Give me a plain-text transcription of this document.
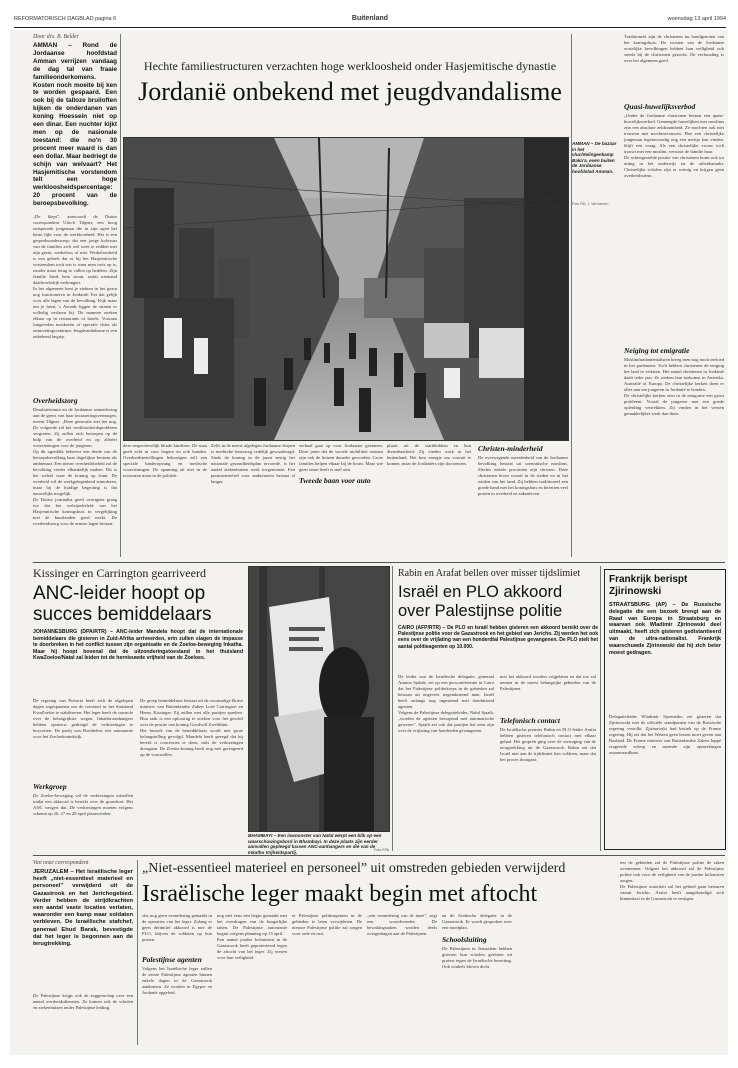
REFORMATORISCH DAGBLAD pagina 6	Buitenland	woensdag 13 april 1994
Door drs. B. Belder
AMMAN – Rond de Jordaanse hoofdstad Amman verrijzen vandaag de dag tal van fraaie familieonderkomens. Kosten noch moeite bij ken te worden gespaard. Een ook bij de talloze bruiloften kijken de onderdanen van koning Hoessein niet op een dinar. Een nuchter kijkt men op de nasionale toestand: die no'n 30 procent meer waard is dan een dollar. Maar bedriegt de schijn van welvaart? Het Hasjemitische vorstendom telt een hoge werkloosheidspercentage: 20 procent van de beroepsbevolking.
„De klept”, antwoordt de Duitse correspondent Ulrich Tilgner, een hoog ontspoorde jongeman die in zijn ogen het beste lijkt voor de werkloosheid. Het is een gespreksonderwerp: dat een jonge kolossus van de families zich wel weet te redden met zijn gezin, werkeloos of niet. Werkeloosheid is een gebrek dat er bij het Hasjemitische vorstendom toch iets is waar men trots op is, zonder maar terug te vallen op bedelen. Zijn familie biedt hem steun, zodat niemand daadwerkelijk verhongert.
In het algemeen kent je ziekten in het gezin nog functioneren in Jordanië. Eet dat gelijk voor alle lagen van de bevolking. Kijk maar om je heen, 's Avonds liggen de straten er volledig verlaten bij. De mannen zoeken elkaar op in restaurants of hotels. Vooraan fungeerden moskeeën of speciale clubs als ontmoetingscentrum. Jeugdvandalisme is een onbekend begrip.
Overheidszorg
Desalniettemin zit de Jordaanse samenleving aan de grens van haar incasseringsvermogen, meent Tilgner. „Deze generatie ziet het nog. De volgende zal het werkloosheidsprobleem vergroten. Zij zullen zich beroepen op de hulp van de overheid en op allerlei voorzieningen voor de jongeren.
Op dit ogenblik beheerst een derde van de beroepsbevolking haar dagelijkse bestaan als ambtenaar. Een nieuw overheidsbeleid zal de bevolking verder afhankelijk maken. Dit is het stelsel waar de koning op leunt. De overheid wil de werkgelegenheid stimuleren, maar bij de huidige begroting is dat nauwelijks mogelijk.
De Duitse journalist geeft overigens graag toe dat het welzijnsbeleid van het Hasjemitische koningshuis in vergelijking met de buurlanden goed werkt. De overheidszorg voor de armste lagen bestaat.
Hechte familiestructuren verzachten hoge werkloosheid onder Hasjemitische dynastie
Jordanië onbekend met jeugdvandalisme
AMMAN – De bazaar in het vluchtelingenkamp Baka'a, even buiten de Jordaanse hoofdstad Amman.
Foto RD, J. Verhoeven
deze respectievelijk blinde kinderen. De staat geeft echt in voor hogere en ook bonden. Overheidsinstellingen bekostigen zelf een speciale kinderopvang en medische voorzieningen. De spanning zit niet in de economie maar in de politiek.
Zelfs in de meest afgelegen Jordaanse dorpen is medische basiszorg redelijk gewaarborgd. Sinds de koning in de jaren zestig het nationale gezondheidsplan invoerde, is het aantal ziekenhuizen sterk toegenomen. Een pensioenstelsel voor ambtenaren bestaat al langer.
verhaal gaat op voor Jordaanse gezinnen. Deze jaren dat de sociale mobiliteit toenam zijn ook de huizen duurder geworden. Grote families helpen elkaar bij de bouw. Maar wie geen steun heeft is snel arm.
Tweede baan voor auto
plaats uit de startblokken en hun dienstbaarheid. Zij vinden werk in het buitenland. Het kost energie om vooruit te komen, maar de Jordaniërs zijn doorzetters.
Christen-minderheid
De overwegende meerderheid van de Jordaanse bevolking bestaat uit soennitische moslims. Slechts enkele procenten zijn christen. Deze christenen leven vooral in de steden en in het zuiden van het land. Zij hebben traditioneel een goede band met het koningshuis en bezetten veel posten in overheid en zakenleven.
Traditioneel zijn de christenen nu bondgenoten van het koningshuis. De vorsten van de Jordaanse oostelijke bevolkingen hebben hun veiligheid ook steeds bij de christenen gezocht. De verhouding is over het algemeen goed.
Quasi-huwelijksverbod
„Onder de Jordaanse christenen bestaat een quasi-huwelijksverbod. Gemengde huwelijken met moslims zijn een absolute zeldzaamheid. Ze mochten ook niet trouwen met moslimvrouwen. Hoe een christelijke jongeman tegenwoordig nog een meisje kan vinden, blijft een vraag. Als een christelijke vrouw toch trouwt met een moslim, verstoot de familie haar.
De achtergestelde positie van christenen komt ook tot uiting in het onderwijs en de arbeidsmarkt. Christelijke scholen zijn er weinig en krijgen geen overheidssteun.
Neiging tot emigratie
Moslimfundamentalisten kreeg men nog nooit invloed in het parlement. Toch hebben christenen de neiging het land te verlaten. Het aantal christenen in Jordanië daalt ieder jaar. Ze zoeken hun toekomst in Amerika, Australië of Europa. De christelijke kerken doen er alles aan om jongeren in Jordanië te houden.
De christelijke kerken zien in de emigratie een groot probleem. Vooral de jongeren met een goede opleiding vertrekken. Zij vinden in het westen gemakkelijker werk dan thuis.
Kissinger en Carrington gearriveerd
ANC-leider hoopt op
succes bemiddelaars
JOHANNESBURG (DPA/RTR) – ANC-leider Mandela hoopt dat de internationale bemiddelaars die gisteren in Zuid-Afrika arriveerden, erin zullen slagen de impasse te doorbreken in het conflict tussen zijn organisatie en de Zoeloe-beweging Inkatha. Maar hij hoopt bovenal dat de uitzonderingstoestand in het thuisland KwaZoeloe/Natal zal leiden tot de hernieuwde vrijheid van de Zoeloes.
De regering van Pretoria heeft zich de afgelopen dagen ingespannen om de toestand in het thuisland KwaZoeloe te stabiliseren. Het leger heeft de controle over de belangrijkste wegen. Inkatha-aanhangers hebben opnieuw gedreigd de verkiezingen te boycotten. De partij van Boethelezi eist autonomie voor het Zoeloekoninkrijk.
Werkgroep
De Zoeloe-beweging wil de verkiezingen uitstellen totdat een akkoord is bereikt over de grondwet. Het ANC weigert dat. De verkiezingen moeten volgens schema op 26, 27 en 28 april plaatsvinden.
De groep bemiddelaars bestaat uit de voormalige Britse minister van Buitenlandse Zaken Lord Carrington en Henry Kissinger. Zij zullen met alle partijen spreken. Hun taak is een oplossing te zoeken voor het geschil over de positie van koning Goodwill Zwelithini.
Het bezoek van de bemiddelaars wordt met grote belangstelling gevolgd. Mandela heeft gezegd dat hij bereid is concessies te doen, mits de verkiezingen doorgaan. De Zoeloe-koning heeft nog niet gereageerd op de voorstellen.
BHAMBAYI – Een inwoonster van Natal werpt een blik op een waarschuwingsbord in Bhambayi. In deze plaats zijn eerder aanvallen gepleegd tussen ANC-aanhangers en die van de Inkatha Vrijheidspartij.	Foto EPA
Rabin en Arafat bellen over misser tijdslimiet
Israël en PLO akkoord
over Palestijnse politie
CAIRO (AFP/RTR) – De PLO en Israël hebben gisteren een akkoord bereikt over de Palestijnse politie voor de Gazastrook en het gebied van Jericho. Zij werden het ook eens over de vrijlating van een honderdtal Palestijnse gevangenen. De PLO stelt het aantal politieagenten op 10.000.
De leider van de Israëlische delegatie, generaal Amnon Sjahak, zei op een persconferentie in Cairo dat het Palestijnse politiekorps in de gebieden zal bestaan uit ongeveer negenduizend man. Israël heeft onlangs nog ingestemd met tienduizend agenten.
Volgens de Palestijnse delegatieleider, Nabil Sjaath, „worden de agenten bewapend met automatische geweren”. Sjaath zei ook dat partijen het eens zijn over de vrijlating van honderden gevangenen.
met het akkoord worden vrijgelaten en dat toe zal nemen in de meest belangrijke gebieden van de Palestijnen.
Telefonisch contact
De Israëlische premier Rabin en PLO-leider Arafat hebben gisteren telefonisch contact met elkaar gehad. Het gesprek ging over de vertraging van de terugtrekking uit de Gazastrook. Rabin zei dat Israël niet aan de tijdslimiet kan voldoen, maar dat het proces doorgaat.
Frankrijk berispt Zjirinowski
STRAATSBURG (AP) – De Russische delegatie die een bezoek brengt aan de Raad van Europa in Straatsburg en waarvan ook Wladimir Zjirinowski deel uitmaakt, heeft zich gisteren gedistantieerd van de ultra-nationalist. Frankrijk waarschuwde Zjirinowski dat hij zich beter moest gedragen.
Delegatieleider Wladimir Sjoemeiko zei gisteren dat Zjirinowski niet de officiële standpunten van de Russische regering vertolkt. Zjirinowski had kritiek op de Franse regering. Hij zei dat het Westen geen lessen moet geven aan Rusland. De Franse minister van Buitenlandse Zaken Juppé reageerde scherp en noemde zijn opmerkingen onaanvaardbaar.
Van onze correspondent
JERUZALEM – Het Israëlische leger heeft „niet-essentieel materieel en personeel” verwijderd uit de Gazastrook en het Jerichogebied. Verder hebben de strijdkrachten een aantal vaste locaties verlaten, waaronder een kamp waar soldaten verbleven. De Israëlische stafchef, generaal Ehud Barak, bevestigde dat het leger is begonnen aan de terugtrekking.
De Palestijnse krijgs ook de zeggenschap over een aantal overheidsdiensten. Zo komen ook de scholen en ziekenhuizen onder Palestijnse leiding.
„Niet-essentieel materieel en personeel” uit omstreden gebieden verwijderd
Israëlische leger maakt begin met aftocht
slot nog geen verandering gemaakt in de operaties van het leger. Zolang er geen definitief akkoord is met de PLO, blijven de soldaten op hun posten.
Palestijnse agenten
Volgens het Israëlische leger zullen de eerste Palestijnse agenten binnen enkele dagen in de Gazastrook aankomen. Ze worden in Egypte en Jordanië opgeleid.
nog niet eens een begin gemaakt met het overdragen van de burgerlijke taken. De Palestijnse autonomie begint volgens planning op 13 april.
Een aantal joodse kolonisten in de Gazastrook heeft geprotesteerd tegen de aftocht van het leger. Zij vrezen voor hun veiligheid.
er Palestijnse politieagenten in de gebieden te laten verwijderen. De nieuwe Palestijnse politie zal zorgen voor orde en rust.
„een verandering van de inzet”, zegt een woordvoerder. De bewakingstaken worden deels overgedragen aan de Palestijnen.
en de Arabische delegatie in de Gazastrook. Er wordt gesproken over een noodplan.
Schoolsluiting
De Palestijnen in Jeruzalem hebben gisteren hun scholen gesloten uit protest tegen de Israëlische bezetting. Ook winkels bleven dicht.
ten de gebieden zal de Palestijnse politie de taken overnemen. Volgens het akkoord zal de Palestijnse politie ook voor de veiligheid van de joodse kolonisten zorgen.
De Palestijnse autoriteit zal het gebied gaan besturen vanuit Jericho. Arafat heeft aangekondigd zich binnenkort in de Gazastrook te vestigen.
